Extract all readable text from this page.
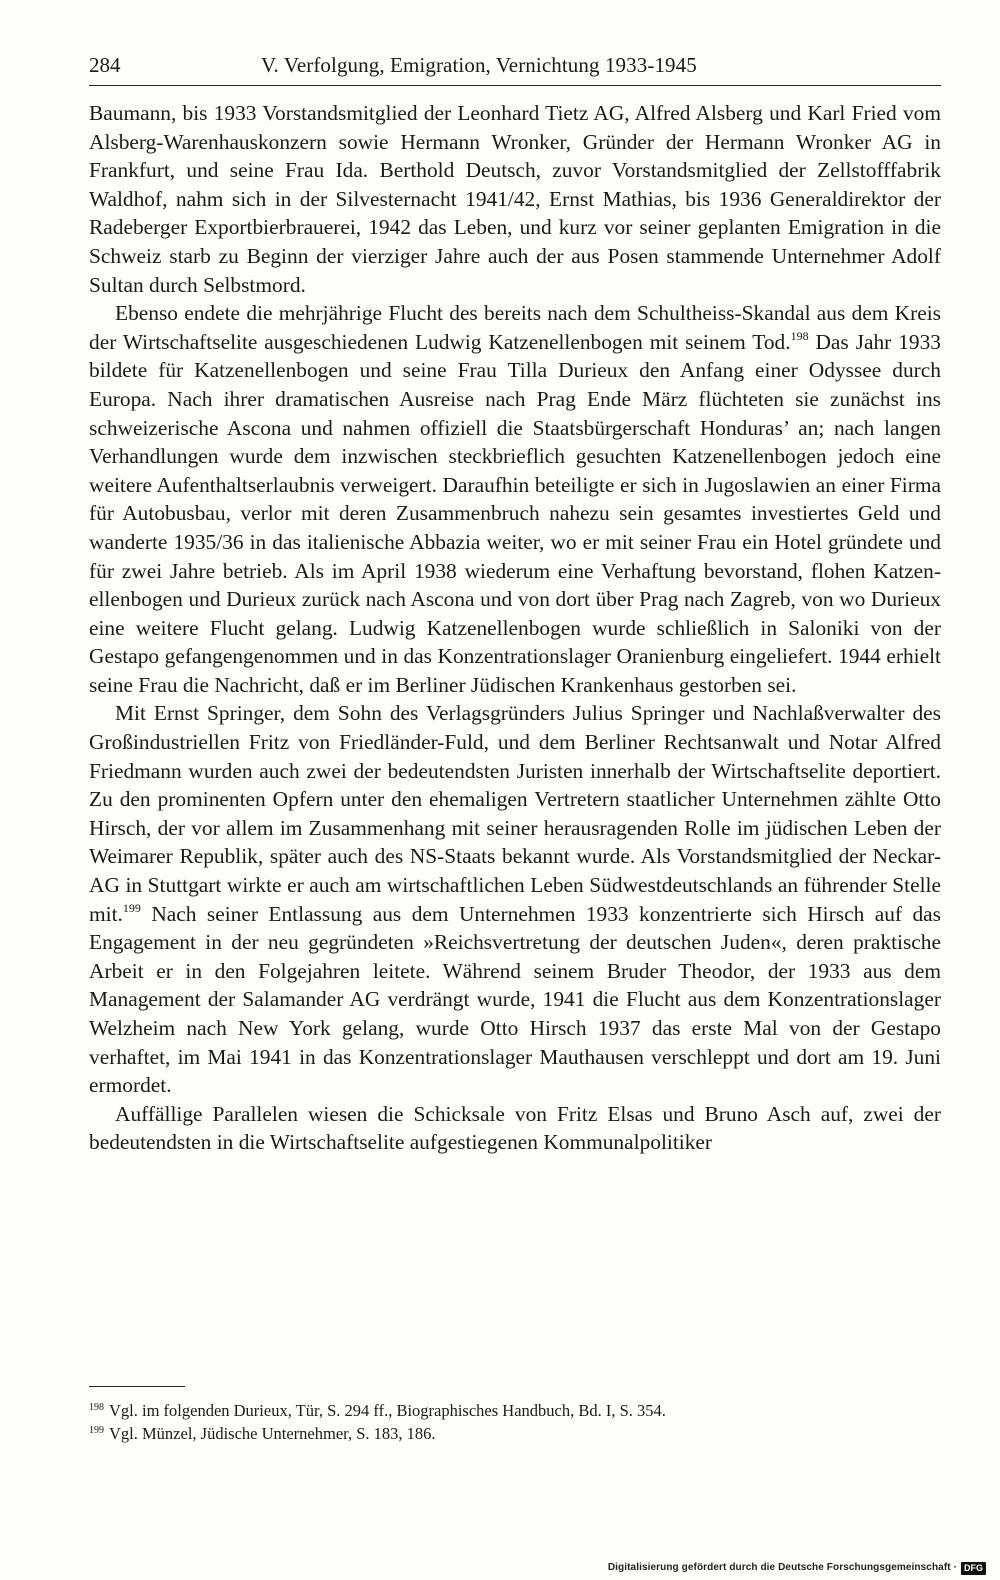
284	V. Verfolgung, Emigration, Vernichtung 1933-1945

Baumann, bis 1933 Vorstandsmitglied der Leonhard Tietz AG, Alfred Alsberg und Karl Fried vom Alsberg-Warenhauskonzern sowie Hermann Wronker, Gründer der Hermann Wronker AG in Frankfurt, und seine Frau Ida. Berthold Deutsch, zuvor Vorstandsmitglied der Zellstofffabrik Waldhof, nahm sich in der Silvesternacht 1941/42, Ernst Mathias, bis 1936 Generaldirektor der Radeberger Exportbierbrauerei, 1942 das Leben, und kurz vor seiner geplanten Emigration in die Schweiz starb zu Beginn der vierziger Jahre auch der aus Posen stammende Unternehmer Adolf Sultan durch Selbstmord.

Ebenso endete die mehrjährige Flucht des bereits nach dem Schultheiss-Skandal aus dem Kreis der Wirtschaftselite ausgeschiedenen Ludwig Katzenellenbogen mit seinem Tod.$^{198}$ Das Jahr 1933 bildete für Katzenellenbogen und seine Frau Tilla Durieux den Anfang einer Odyssee durch Europa. Nach ihrer dramatischen Ausreise nach Prag Ende März flüchteten sie zunächst ins schweizerische Ascona und nahmen offiziell die Staatsbürgerschaft Honduras’ an; nach langen Verhandlungen wurde dem inzwischen steckbrieflich gesuchten Katzenellenbogen jedoch eine weitere Aufenthaltserlaubnis verweigert. Daraufhin beteiligte er sich in Jugoslawien an einer Firma für Autobusbau, verlor mit deren Zusammenbruch nahezu sein gesamtes investiertes Geld und wanderte 1935/36 in das italienische Abbazia weiter, wo er mit seiner Frau ein Hotel gründete und für zwei Jahre betrieb. Als im April 1938 wiederum eine Verhaftung bevorstand, flohen Katzenellenbogen und Durieux zurück nach Ascona und von dort über Prag nach Zagreb, von wo Durieux eine weitere Flucht gelang. Ludwig Katzenellenbogen wurde schließlich in Saloniki von der Gestapo gefangengenommen und in das Konzentrationslager Oranienburg eingeliefert. 1944 erhielt seine Frau die Nachricht, daß er im Berliner Jüdischen Krankenhaus gestorben sei.

Mit Ernst Springer, dem Sohn des Verlagsgründers Julius Springer und Nachlaßverwalter des Großindustriellen Fritz von Friedländer-Fuld, und dem Berliner Rechtsanwalt und Notar Alfred Friedmann wurden auch zwei der bedeutendsten Juristen innerhalb der Wirtschaftselite deportiert. Zu den prominenten Opfern unter den ehemaligen Vertretern staatlicher Unternehmen zählte Otto Hirsch, der vor allem im Zusammenhang mit seiner herausragenden Rolle im jüdischen Leben der Weimarer Republik, später auch des NS-Staats bekannt wurde. Als Vorstandsmitglied der Neckar-AG in Stuttgart wirkte er auch am wirtschaftlichen Leben Südwestdeutschlands an führender Stelle mit.$^{199}$ Nach seiner Entlassung aus dem Unternehmen 1933 konzentrierte sich Hirsch auf das Engagement in der neu gegründeten »Reichsvertretung der deutschen Juden«, deren praktische Arbeit er in den Folgejahren leitete. Während seinem Bruder Theodor, der 1933 aus dem Management der Salamander AG verdrängt wurde, 1941 die Flucht aus dem Konzentrationslager Welzheim nach New York gelang, wurde Otto Hirsch 1937 das erste Mal von der Gestapo verhaftet, im Mai 1941 in das Konzentrationslager Mauthausen verschleppt und dort am 19. Juni ermordet.

Auffällige Parallelen wiesen die Schicksale von Fritz Elsas und Bruno Asch auf, zwei der bedeutendsten in die Wirtschaftselite aufgestiegenen Kommunalpolitiker

$^{198}$ Vgl. im folgenden Durieux, Tür, S. 294 ff., Biographisches Handbuch, Bd. I, S. 354.

$^{199}$ Vgl. Münzel, Jüdische Unternehmer, S. 183, 186.

Digitalisierung gefördert durch die Deutsche Forschungsgemeinschaft · DFG
